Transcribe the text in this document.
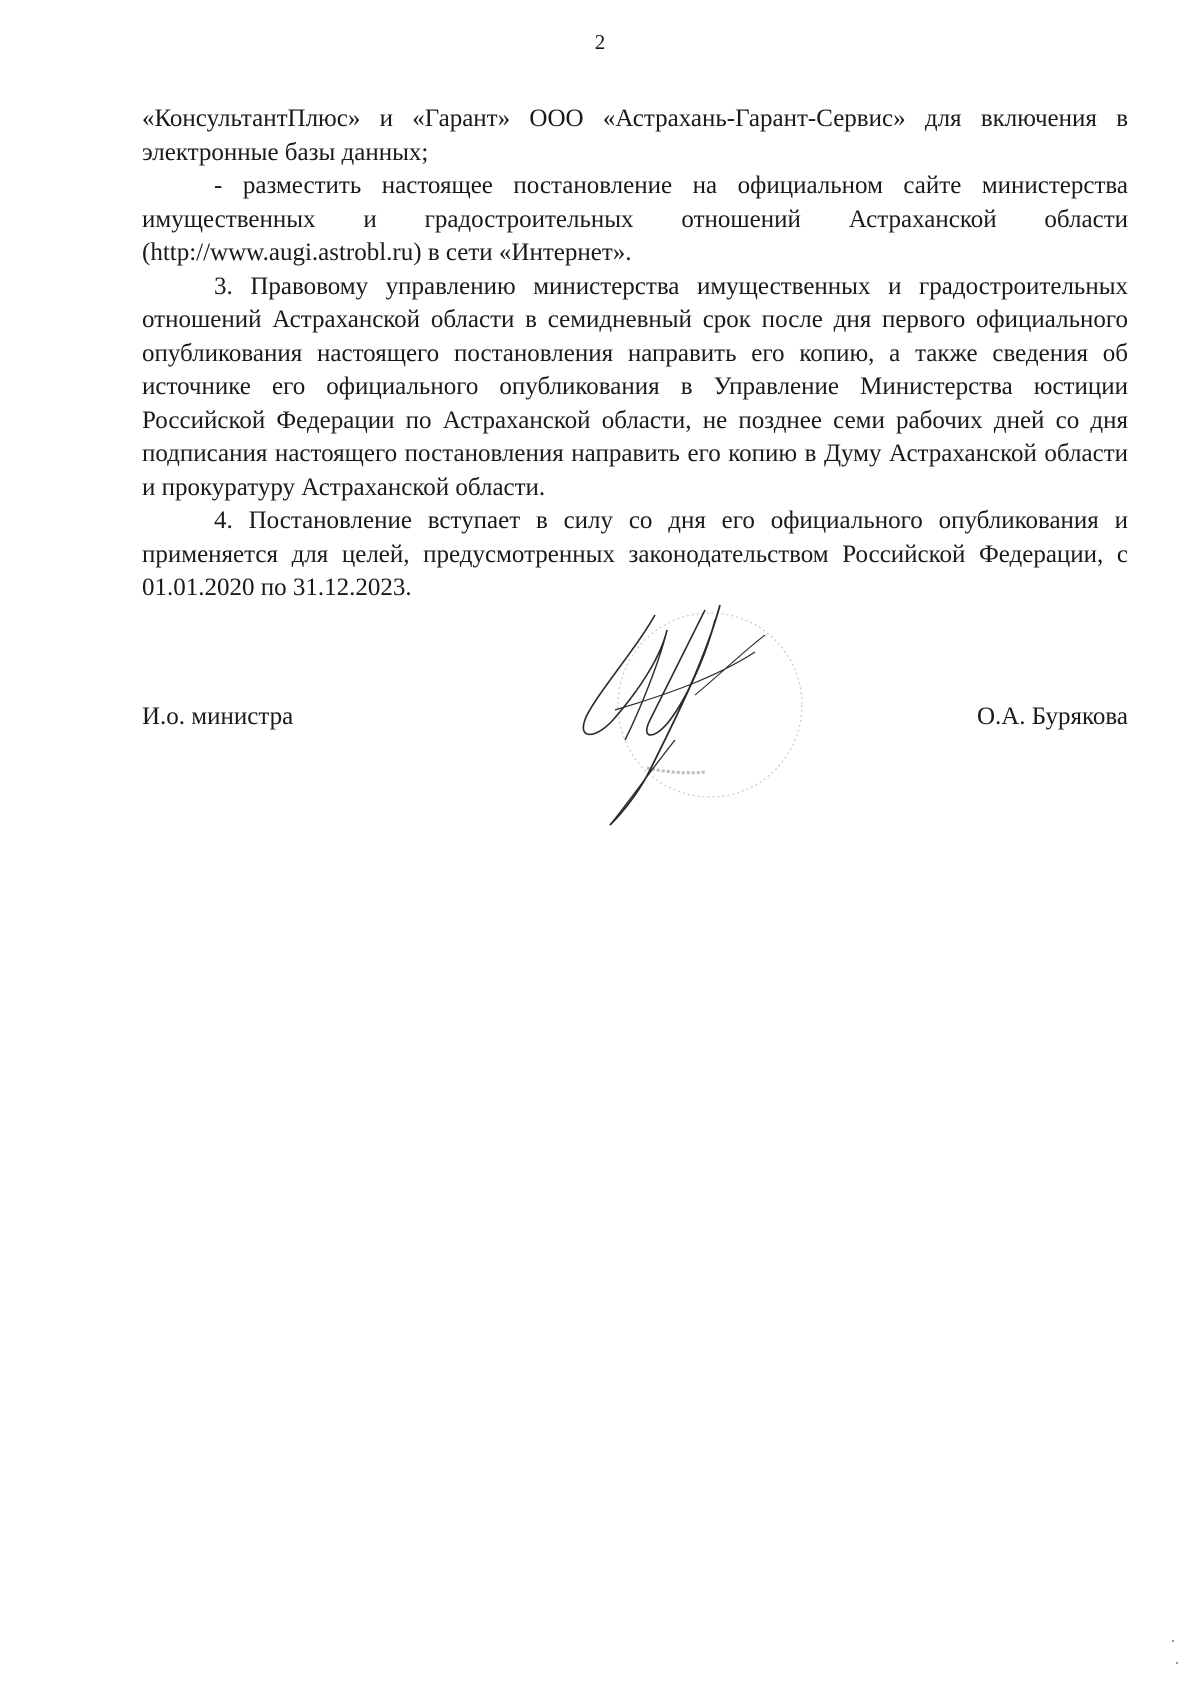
2

«КонсультантПлюс» и «Гарант» ООО «Астрахань-Гарант-Сервис» для включения в электронные базы данных;

- разместить настоящее постановление на официальном сайте министерства имущественных и градостроительных отношений Астраханской области (http://www.augi.astrobl.ru) в сети «Интернет».

3. Правовому управлению министерства имущественных и градостроительных отношений Астраханской области в семидневный срок после дня первого официального опубликования настоящего постановления направить его копию, а также сведения об источнике его официального опубликования в Управление Министерства юстиции Российской Федерации по Астраханской области, не позднее семи рабочих дней со дня подписания настоящего постановления направить его копию в Думу Астраханской области и прокуратуру Астраханской области.

4. Постановление вступает в силу со дня его официального опубликования и применяется для целей, предусмотренных законодательством Российской Федерации, с 01.01.2020 по 31.12.2023.

И.о. министра	О.А. Бурякова
